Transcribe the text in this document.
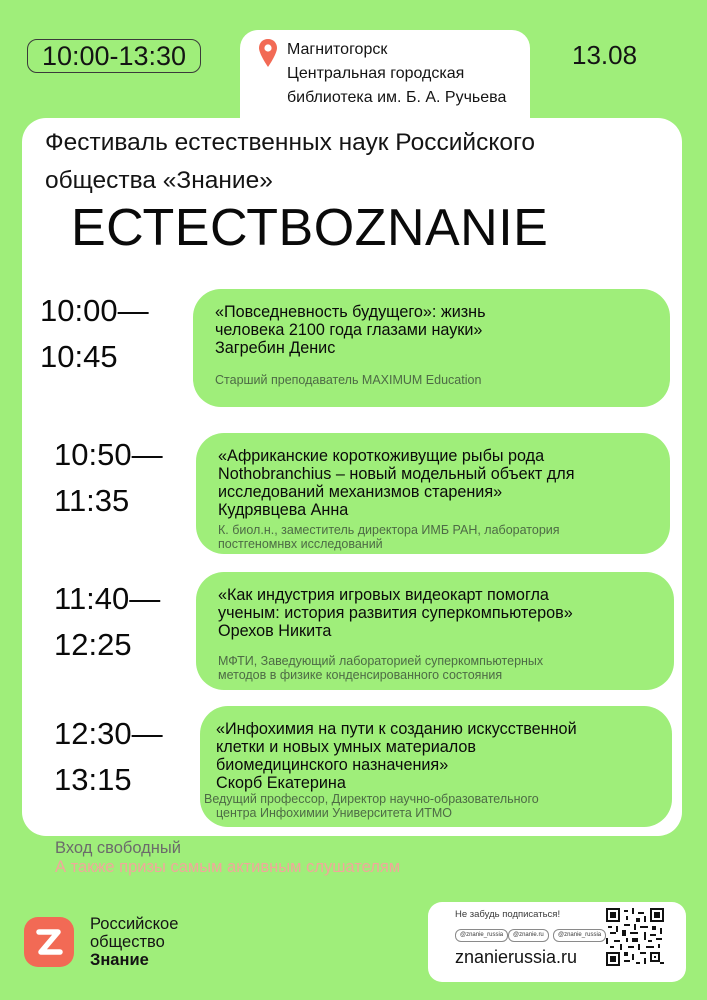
10:00-13:30	13.08
Магнитогорск
Центральная городская
библиотека им. Б. А. Ручьева
Фестиваль естественных наук Российского
общества «Знание»
ЕСТЕСТВOZNANIE
10:00—
10:45
«Повседневность будущего»: жизнь
человека 2100 года глазами науки»
Загребин Денис
Старший преподаватель MAXIMUM Education
10:50—
11:35
«Африканские короткоживущие рыбы рода
Nothobranchius – новый модельный объект для
исследований механизмов старения»
Кудрявцева Анна
К. биол.н., заместитель директора ИМБ РАН, лаборатория
постгеномнвх исследований
11:40—
12:25
«Как индустрия игровых видеокарт помогла
ученым: история развития суперкомпьютеров»
Орехов Никита
МФТИ, Заведующий лабораторией суперкомпьютерных
методов в физике конденсированного состояния
12:30—
13:15
«Инфохимия на пути к созданию искусственной
клетки и новых умных материалов
биомедицинского назначения»
Скорб Екатерина
Ведущий профессор, Директор научно-образовательного
центра Инфохимии Университета ИТМО
Вход свободный
А также призы самым активным слушателям
Российское
общество
Знание
Не забудь подписаться!
@znanie_russia	@znanie.ru	@znanie_russia
znanierussia.ru
